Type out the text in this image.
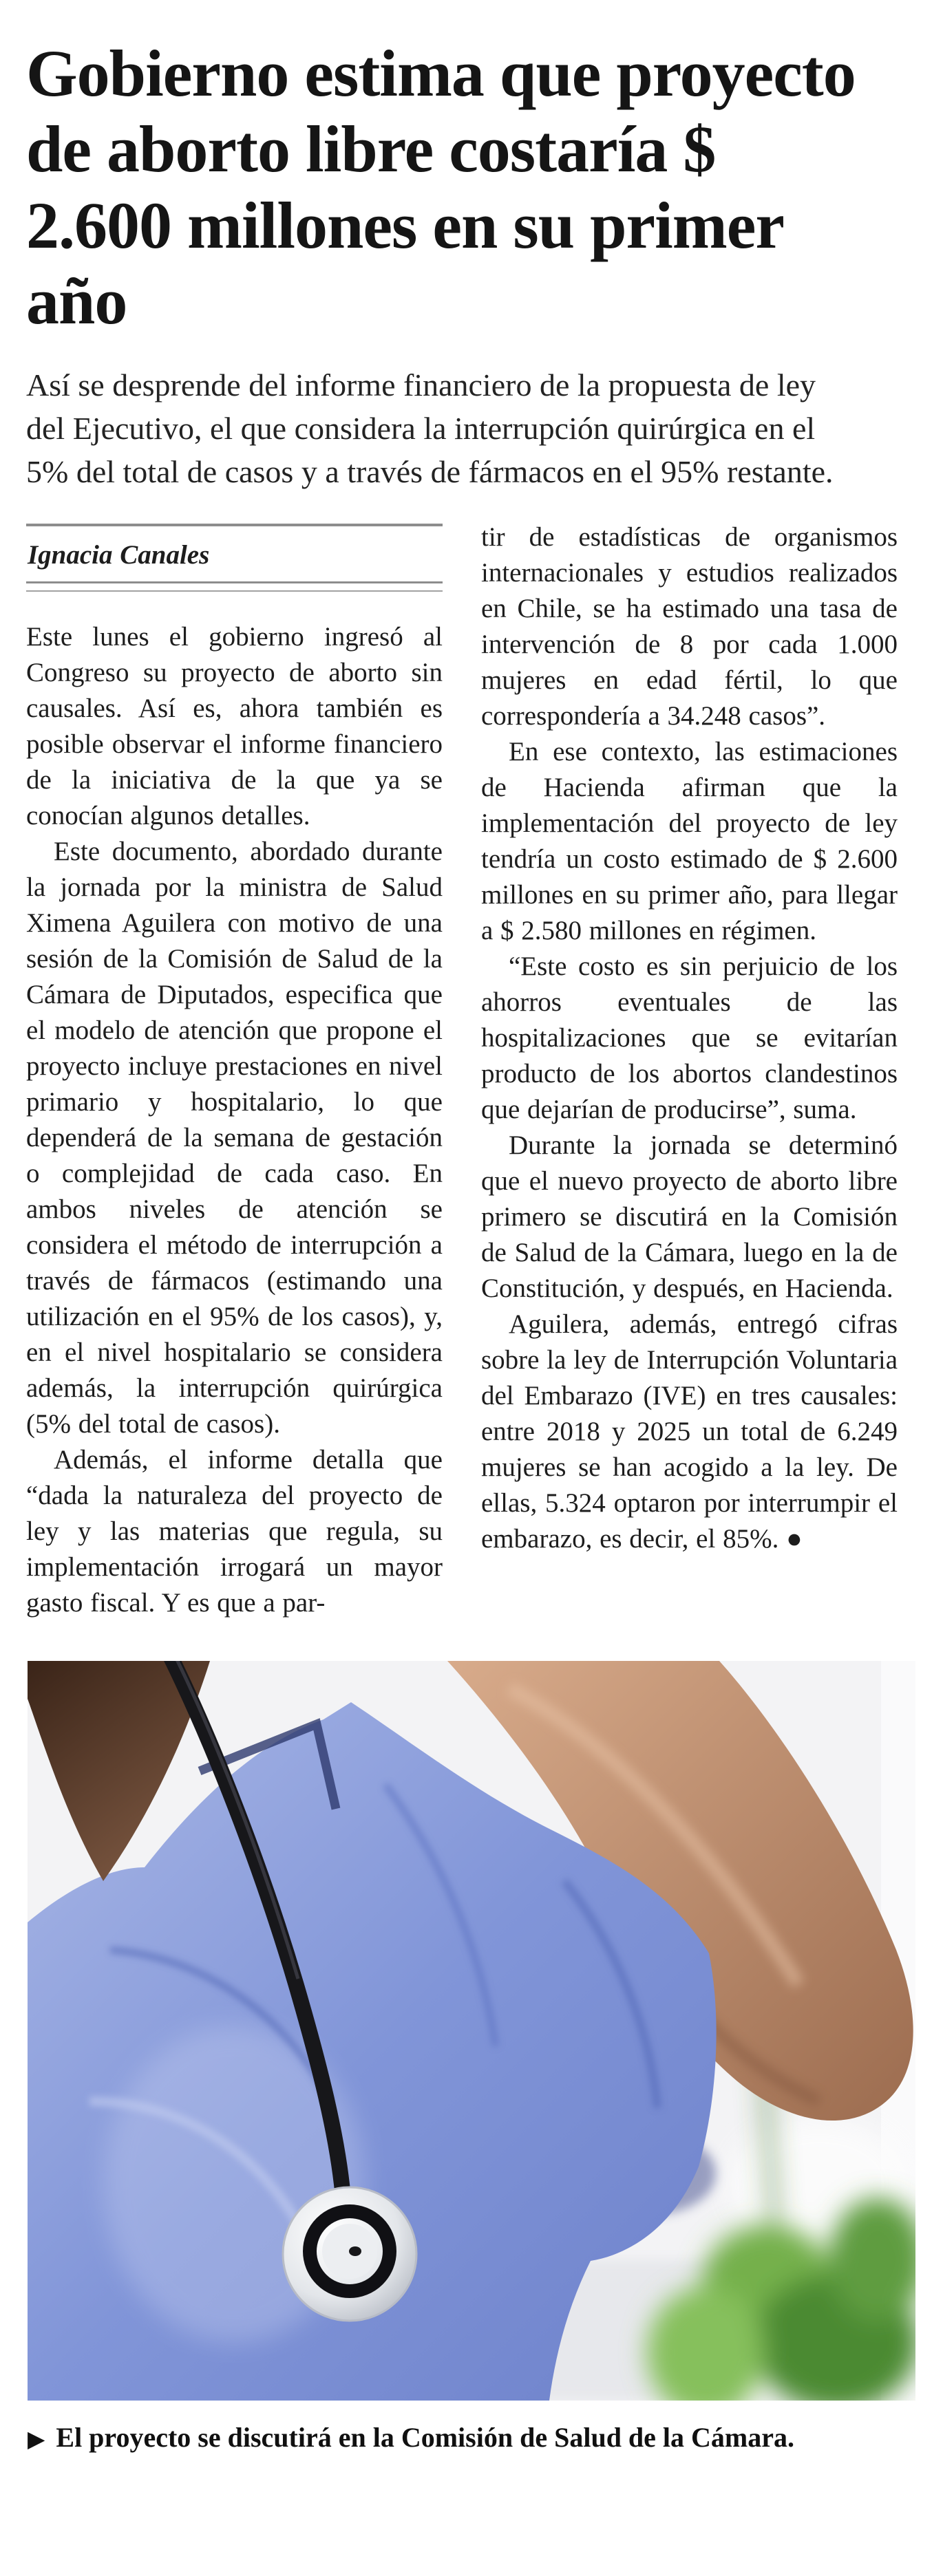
Gobierno estima que proyecto de aborto libre costaría $ 2.600 millones en su primer año

Así se desprende del informe financiero de la propuesta de ley del Ejecutivo, el que considera la interrupción quirúrgica en el 5% del total de casos y a través de fármacos en el 95% restante.

Ignacia Canales

Este lunes el gobierno ingresó al Congreso su proyecto de aborto sin causales. Así es, ahora también es posible observar el informe financiero de la iniciativa de la que ya se conocían algunos detalles.

Este documento, abordado durante la jornada por la ministra de Salud Ximena Aguilera con motivo de una sesión de la Comisión de Salud de la Cámara de Diputados, especifica que el modelo de atención que propone el proyecto incluye prestaciones en nivel primario y hospitalario, lo que dependerá de la semana de gestación o complejidad de cada caso. En ambos niveles de atención se considera el método de interrupción a través de fármacos (estimando una utilización en el 95% de los casos), y, en el nivel hospitalario se considera además, la interrupción quirúrgica (5% del total de casos).

Además, el informe detalla que “dada la naturaleza del proyecto de ley y las materias que regula, su implementación irrogará un mayor gasto fiscal. Y es que a par-

tir de estadísticas de organismos internacionales y estudios realizados en Chile, se ha estimado una tasa de intervención de 8 por cada 1.000 mujeres en edad fértil, lo que correspondería a 34.248 casos”.

En ese contexto, las estimaciones de Hacienda afirman que la implementación del proyecto de ley tendría un costo estimado de $ 2.600 millones en su primer año, para llegar a $ 2.580 millones en régimen.

“Este costo es sin perjuicio de los ahorros eventuales de las hospitalizaciones que se evitarían producto de los abortos clandestinos que dejarían de producirse”, suma.

Durante la jornada se determinó que el nuevo proyecto de aborto libre primero se discutirá en la Comisión de Salud de la Cámara, luego en la de Constitución, y después, en Hacienda.

Aguilera, además, entregó cifras sobre la ley de Interrupción Voluntaria del Embarazo (IVE) en tres causales: entre 2018 y 2025 un total de 6.249 mujeres se han acogido a la ley. De ellas, 5.324 optaron por interrumpir el embarazo, es decir, el 85%. ●

▶ El proyecto se discutirá en la Comisión de Salud de la Cámara.
